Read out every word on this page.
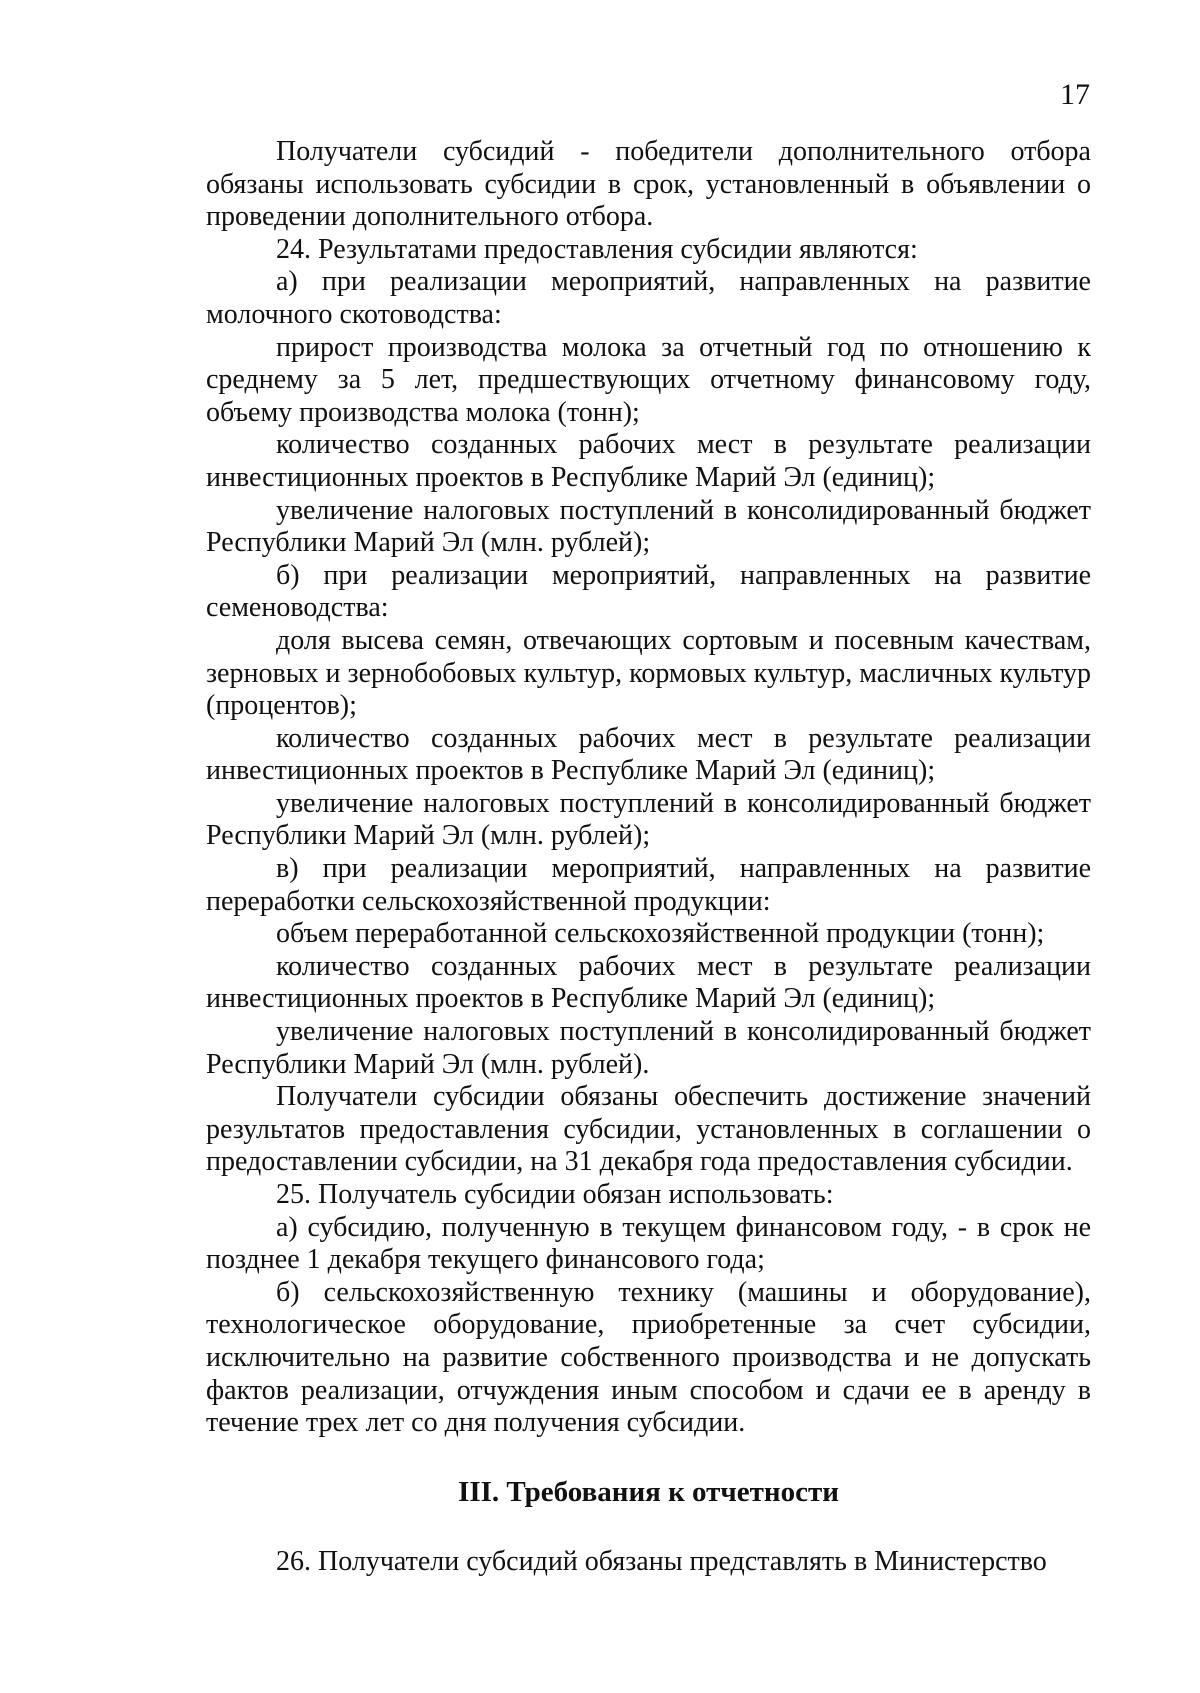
17

Получатели субсидий - победители дополнительного отбора обязаны использовать субсидии в срок, установленный в объявлении о проведении дополнительного отбора.

24. Результатами предоставления субсидии являются:

а) при реализации мероприятий, направленных на развитие молочного скотоводства:

прирост производства молока за отчетный год по отношению к среднему за 5 лет, предшествующих отчетному финансовому году, объему производства молока (тонн);

количество созданных рабочих мест в результате реализации инвестиционных проектов в Республике Марий Эл (единиц);

увеличение налоговых поступлений в консолидированный бюджет Республики Марий Эл (млн. рублей);

б) при реализации мероприятий, направленных на развитие семеноводства:

доля высева семян, отвечающих сортовым и посевным качествам, зерновых и зернобобовых культур, кормовых культур, масличных культур (процентов);

количество созданных рабочих мест в результате реализации инвестиционных проектов в Республике Марий Эл (единиц);

увеличение налоговых поступлений в консолидированный бюджет Республики Марий Эл (млн. рублей);

в) при реализации мероприятий, направленных на развитие переработки сельскохозяйственной продукции:

объем переработанной сельскохозяйственной продукции (тонн);

количество созданных рабочих мест в результате реализации инвестиционных проектов в Республике Марий Эл (единиц);

увеличение налоговых поступлений в консолидированный бюджет Республики Марий Эл (млн. рублей).

Получатели субсидии обязаны обеспечить достижение значений результатов предоставления субсидии, установленных в соглашении о предоставлении субсидии, на 31 декабря года предоставления субсидии.

25. Получатель субсидии обязан использовать:

а) субсидию, полученную в текущем финансовом году, - в срок не позднее 1 декабря текущего финансового года;

б) сельскохозяйственную технику (машины и оборудование), технологическое оборудование, приобретенные за счет субсидии, исключительно на развитие собственного производства и не допускать фактов реализации, отчуждения иным способом и сдачи ее в аренду в течение трех лет со дня получения субсидии.

III. Требования к отчетности

26. Получатели субсидий обязаны представлять в Министерство
